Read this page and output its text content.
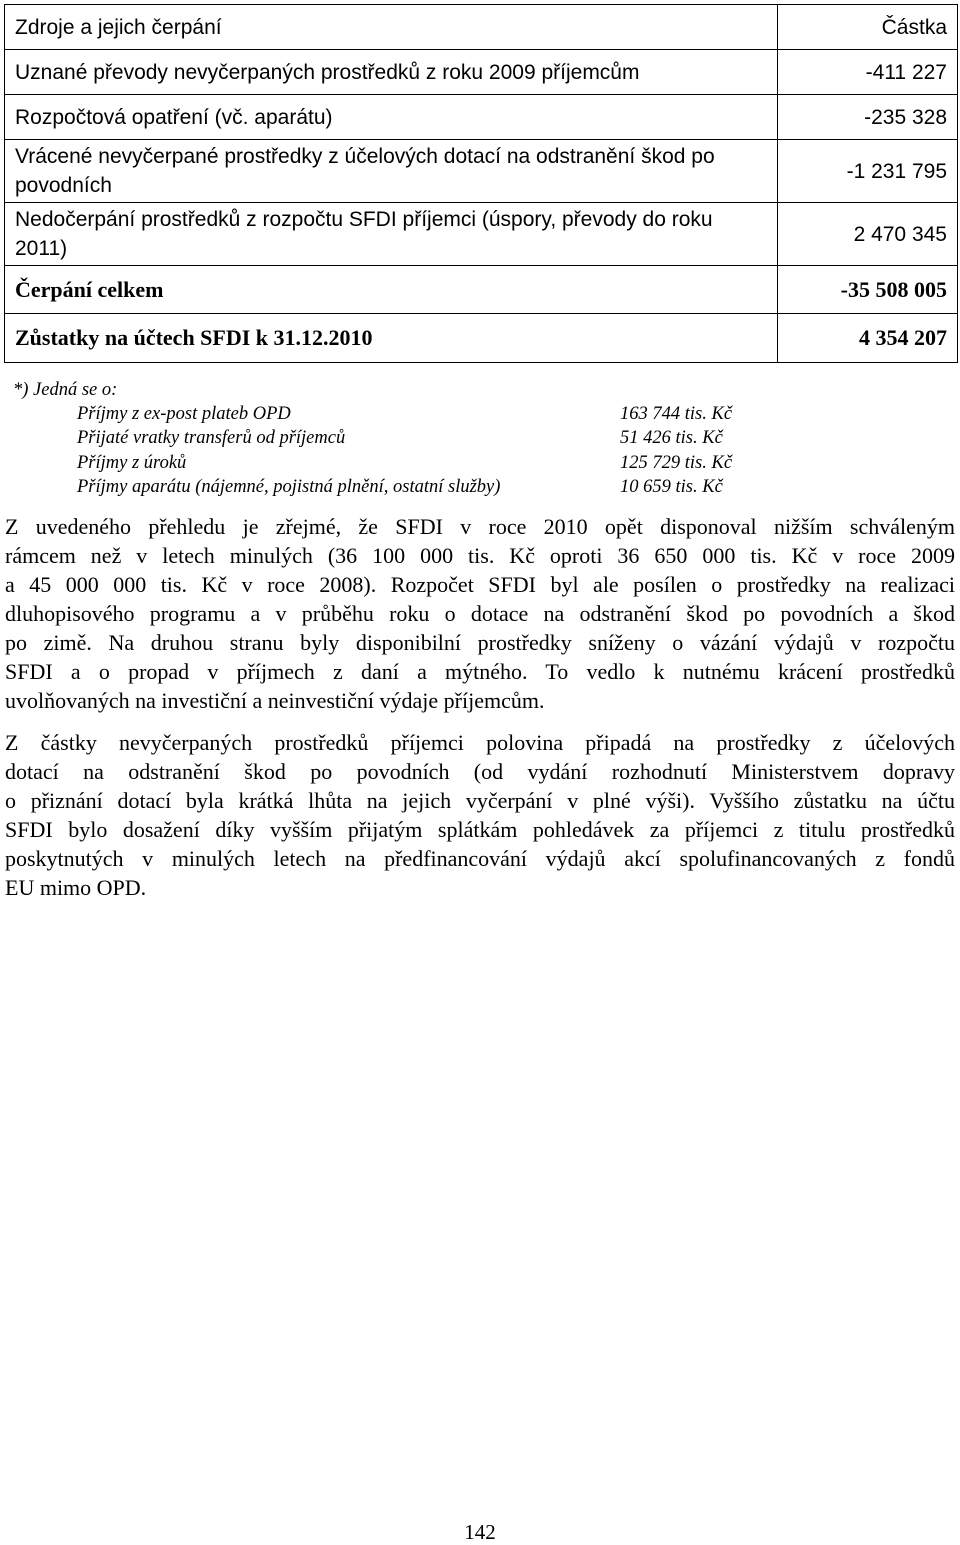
Zdroje a jejich čerpání	Částka
Uznané převody nevyčerpaných prostředků z roku 2009 příjemcům	-411 227
Rozpočtová opatření (vč. aparátu)	-235 328
Vrácené nevyčerpané prostředky z účelových dotací na odstranění škod po povodních	-1 231 795
Nedočerpání prostředků z rozpočtu SFDI příjemci (úspory, převody do roku 2011)	2 470 345
Čerpání celkem	-35 508 005
Zůstatky na účtech SFDI k 31.12.2010	4 354 207
*) Jedná se o:
Příjmy z ex-post plateb OPD	163 744 tis. Kč
Přijaté vratky transferů od příjemců	51 426 tis. Kč
Příjmy z úroků	125 729 tis. Kč
Příjmy aparátu (nájemné, pojistná plnění, ostatní služby)	10 659 tis. Kč
Z uvedeného přehledu je zřejmé, že SFDI v roce 2010 opět disponoval nižším schváleným
rámcem než v letech minulých (36 100 000 tis. Kč oproti 36 650 000 tis. Kč v roce 2009
a 45 000 000 tis. Kč v roce 2008). Rozpočet SFDI byl ale posílen o prostředky na realizaci
dluhopisového programu a v průběhu roku o dotace na odstranění škod po povodních a škod
po zimě. Na druhou stranu byly disponibilní prostředky sníženy o vázání výdajů v rozpočtu
SFDI a o propad v příjmech z daní a mýtného. To vedlo k nutnému krácení prostředků
uvolňovaných na investiční a neinvestiční výdaje příjemcům.
Z částky nevyčerpaných prostředků příjemci polovina připadá na prostředky z účelových
dotací na odstranění škod po povodních (od vydání rozhodnutí Ministerstvem dopravy
o přiznání dotací byla krátká lhůta na jejich vyčerpání v plné výši). Vyššího zůstatku na účtu
SFDI bylo dosažení díky vyšším přijatým splátkám pohledávek za příjemci z titulu prostředků
poskytnutých v minulých letech na předfinancování výdajů akcí spolufinancovaných z fondů
EU mimo OPD.
142
